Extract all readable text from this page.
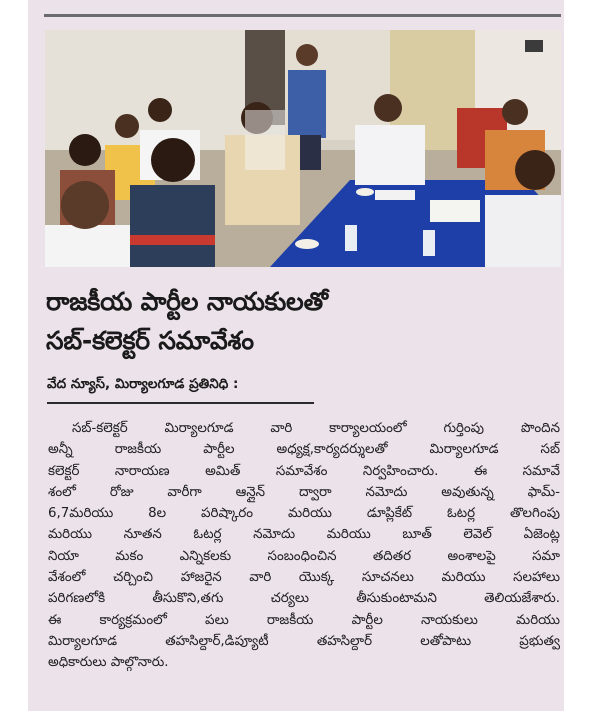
రాజకీయ పార్టీల నాయకులతో
సబ్-కలెక్టర్ సమావేశం
వేద న్యూస్, మిర్యాలగూడ ప్రతినిధి :
సబ్-కలెక్టర్ మిర్యాలగూడ వారి కార్యాలయంలో గుర్తింపు పొందిన
అన్నీ రాజకీయ పార్టీల అధ్యక్ష,కార్యదర్శులతో మిర్యాలగూడ సబ్
కలెక్టర్ నారాయణ అమిత్ సమావేశం నిర్వహించారు. ఈ సమావే
శంలో రోజు వారీగా ఆన్లైన్ ద్వారా నమోదు అవుతున్న ఫామ్-
6,7మరియు 8ల పరిష్కారం మరియు డూప్లికేట్ ఓటర్ల తొలగింపు
మరియు నూతన ఓటర్ల నమోదు మరియు బూత్ లెవెల్ ఏజెంట్ల
నియా మకం ఎన్నికలకు సంబంధించిన తదితర అంశాలపై సమా
వేశంలో చర్చించి హాజరైన వారి యొక్క సూచనలు మరియు సలహాలు
పరిగణలోకి తీసుకొని,తగు చర్యలు తీసుకుంటామని తెలియజేశారు.
ఈ కార్యక్రమంలో పలు రాజకీయ పార్టీల నాయకులు మరియు
మిర్యాలగూడ తహసిల్దార్,డిప్యూటీ తహసిల్దార్ లతోపాటు ప్రభుత్వ
అధికారులు పాల్గొనారు.
